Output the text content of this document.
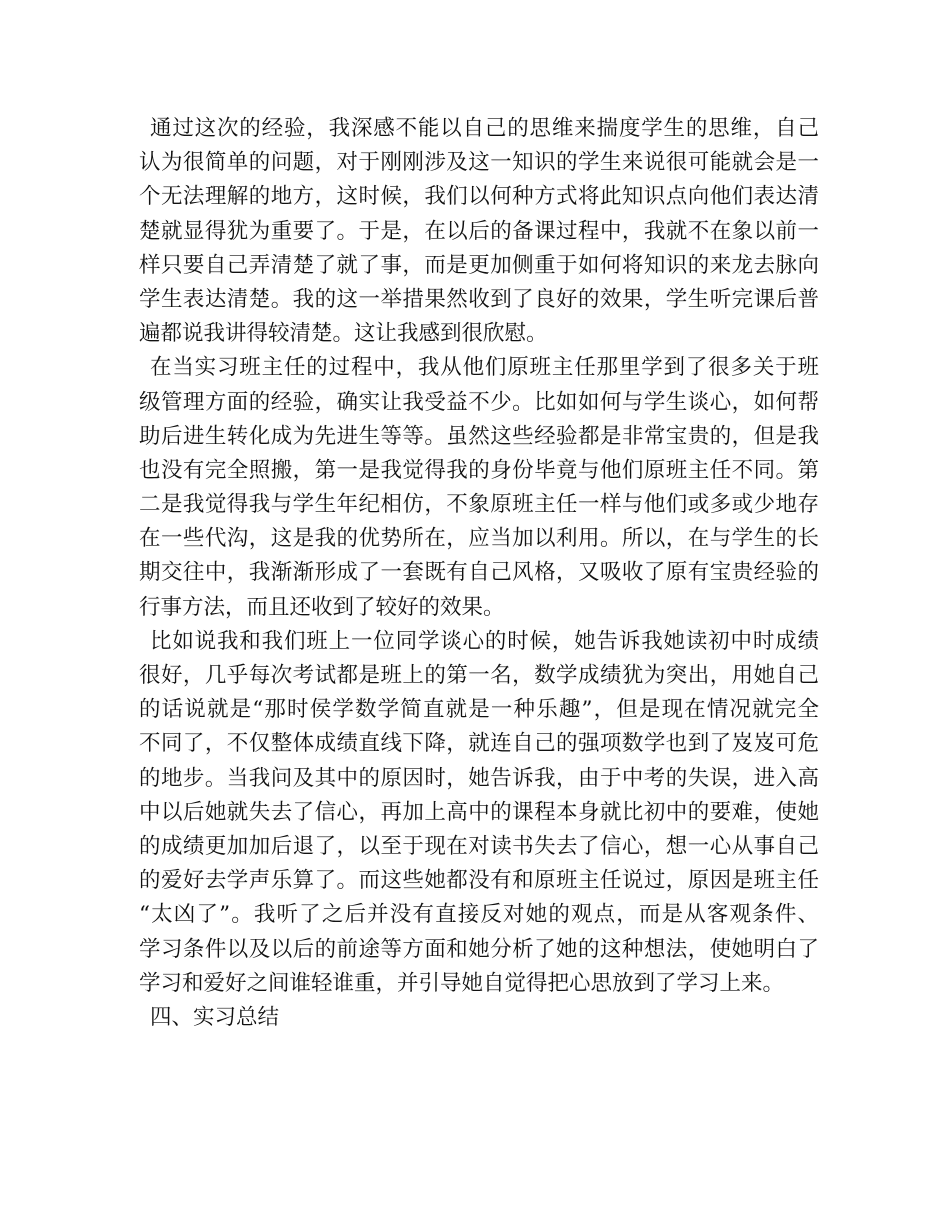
通过这次的经验，我深感不能以自己的思维来揣度学生的思维，自己
认为很简单的问题，对于刚刚涉及这一知识的学生来说很可能就会是一
个无法理解的地方，这时候，我们以何种方式将此知识点向他们表达清
楚就显得犹为重要了。于是，在以后的备课过程中，我就不在象以前一
样只要自己弄清楚了就了事，而是更加侧重于如何将知识的来龙去脉向
学生表达清楚。我的这一举措果然收到了良好的效果，学生听完课后普
遍都说我讲得较清楚。这让我感到很欣慰。
在当实习班主任的过程中，我从他们原班主任那里学到了很多关于班
级管理方面的经验，确实让我受益不少。比如如何与学生谈心，如何帮
助后进生转化成为先进生等等。虽然这些经验都是非常宝贵的，但是我
也没有完全照搬，第一是我觉得我的身份毕竟与他们原班主任不同。第
二是我觉得我与学生年纪相仿，不象原班主任一样与他们或多或少地存
在一些代沟，这是我的优势所在，应当加以利用。所以，在与学生的长
期交往中，我渐渐形成了一套既有自己风格，又吸收了原有宝贵经验的
行事方法，而且还收到了较好的效果。
比如说我和我们班上一位同学谈心的时候，她告诉我她读初中时成绩
很好，几乎每次考试都是班上的第一名，数学成绩犹为突出，用她自己
的话说就是“那时侯学数学简直就是一种乐趣”，但是现在情况就完全
不同了，不仅整体成绩直线下降，就连自己的强项数学也到了岌岌可危
的地步。当我问及其中的原因时，她告诉我，由于中考的失误，进入高
中以后她就失去了信心，再加上高中的课程本身就比初中的要难，使她
的成绩更加加后退了，以至于现在对读书失去了信心，想一心从事自己
的爱好去学声乐算了。而这些她都没有和原班主任说过，原因是班主任
“太凶了”。我听了之后并没有直接反对她的观点，而是从客观条件、
学习条件以及以后的前途等方面和她分析了她的这种想法，使她明白了
学习和爱好之间谁轻谁重，并引导她自觉得把心思放到了学习上来。
四、实习总结
